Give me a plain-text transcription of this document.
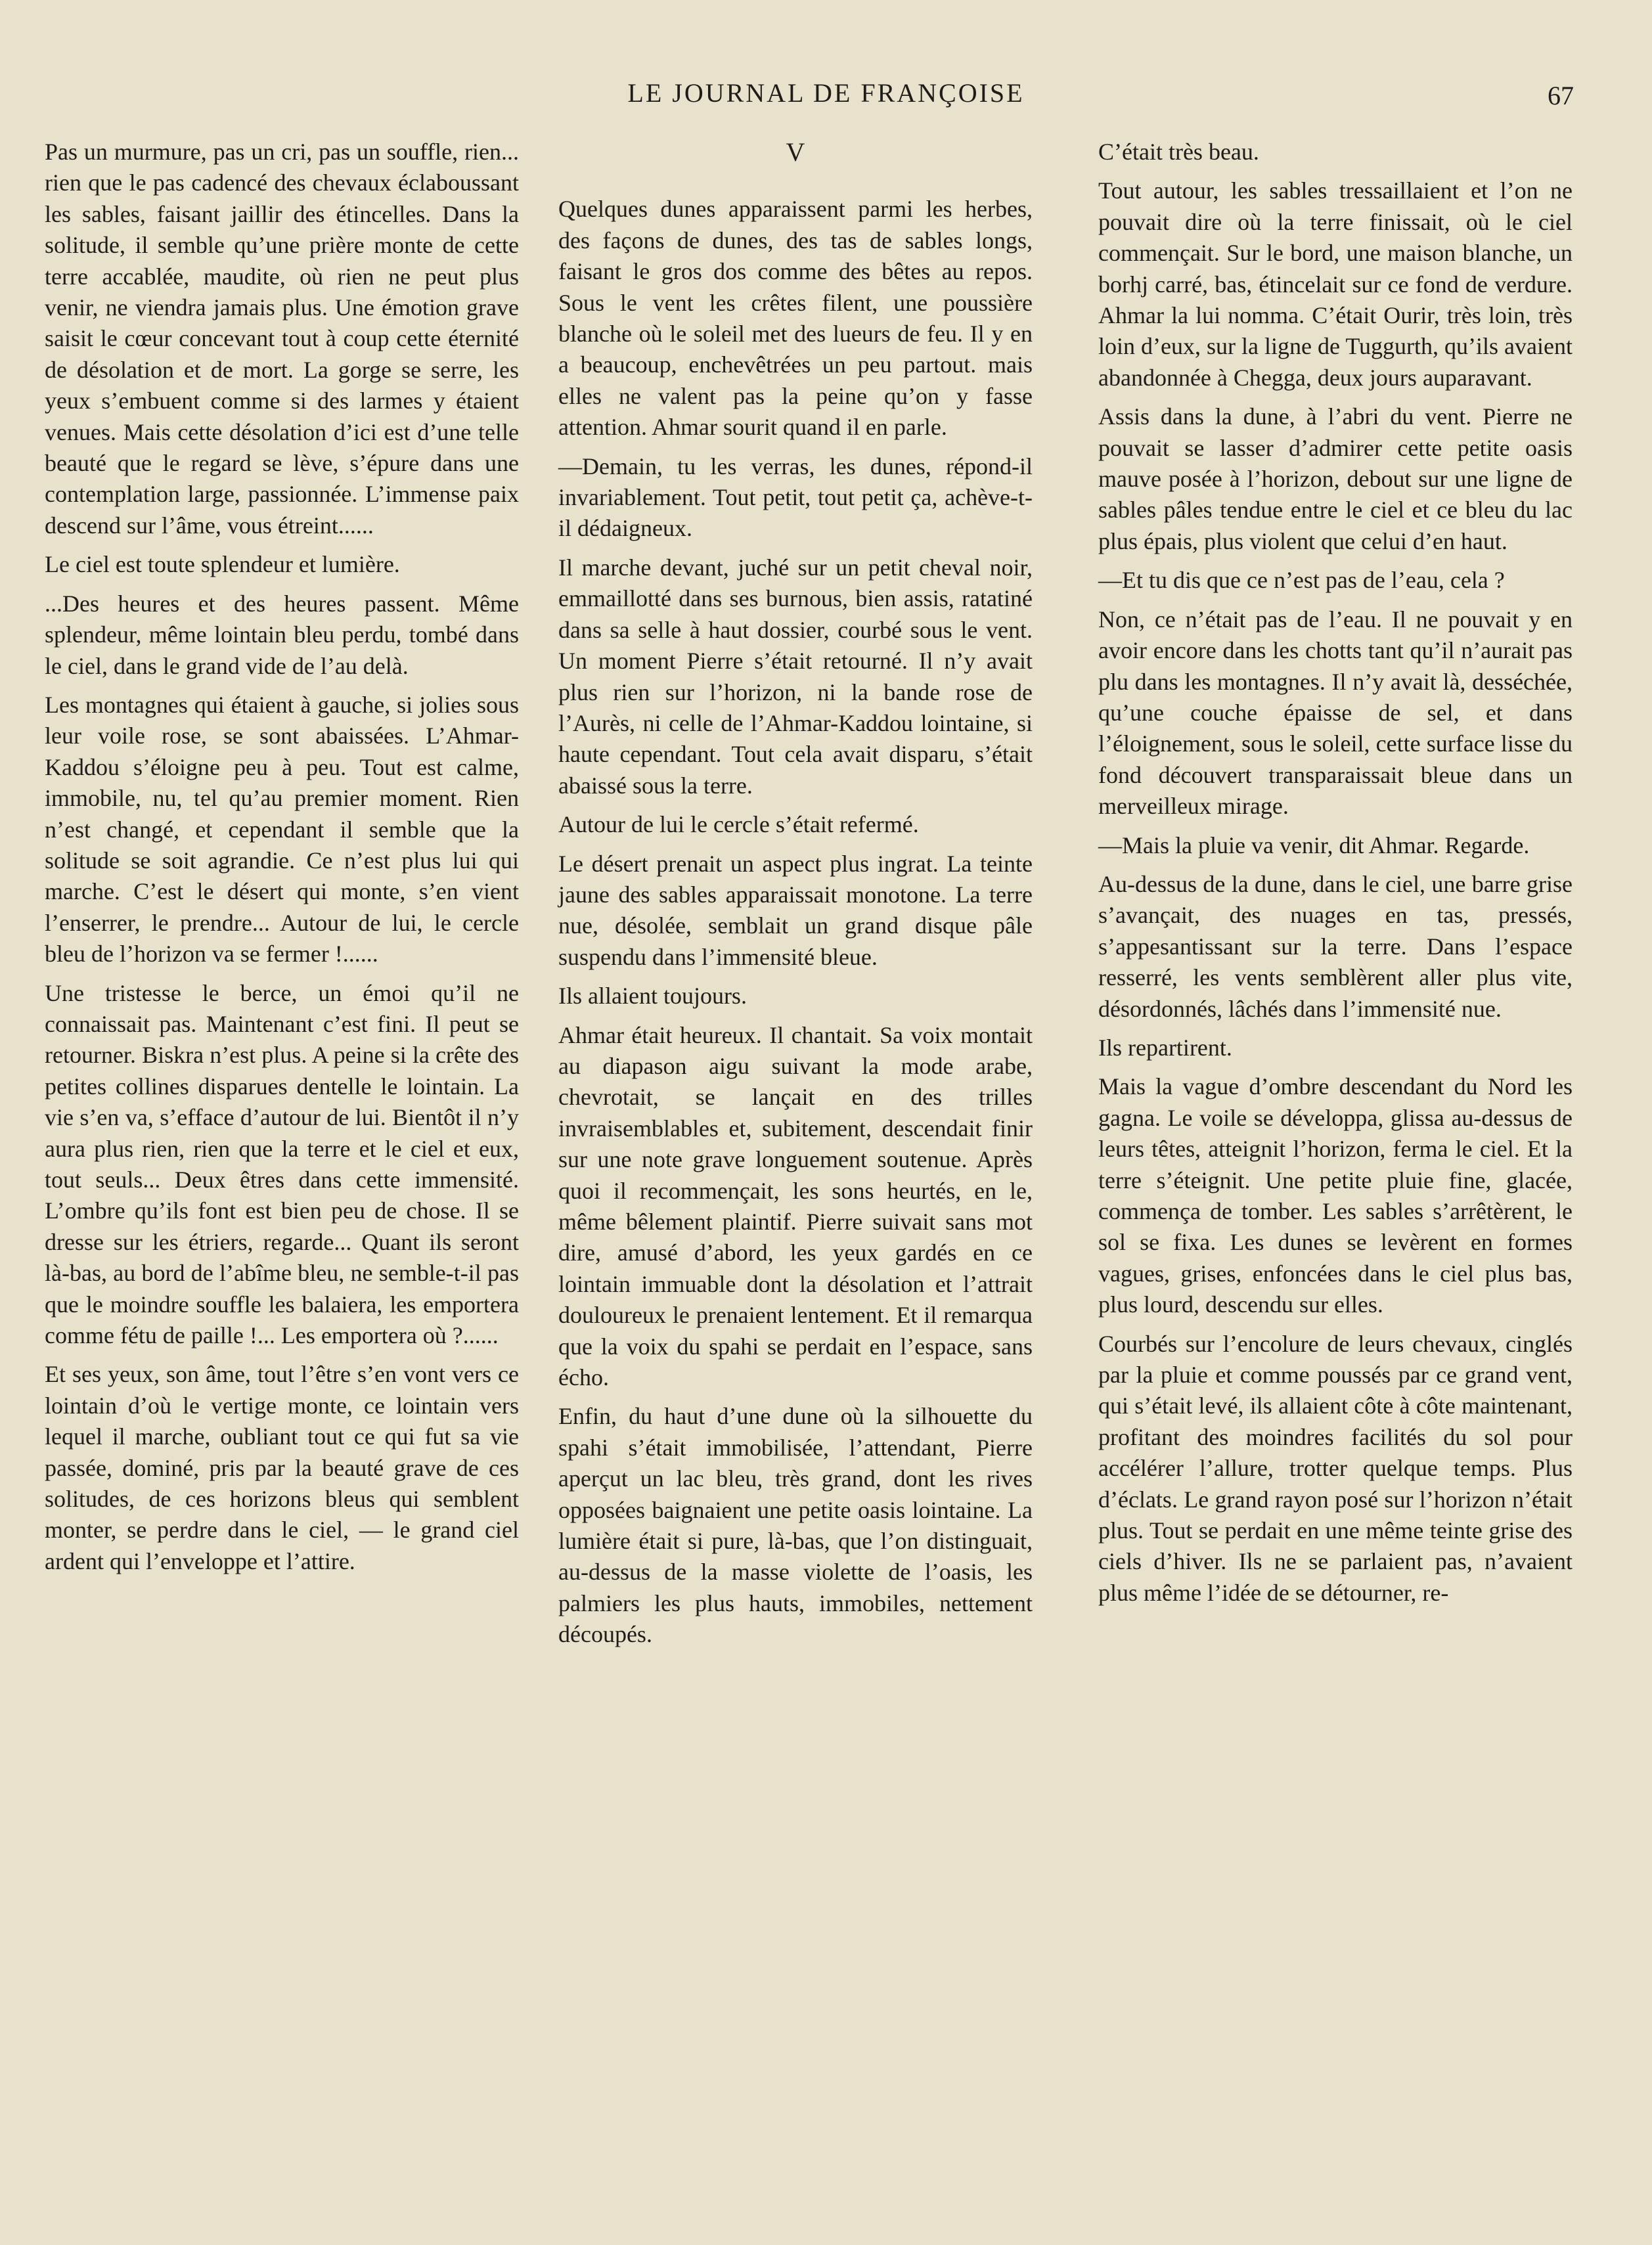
LE JOURNAL DE FRANÇOISE	67

Pas un murmure, pas un cri, pas un souffle, rien... rien que le pas cadencé des chevaux éclaboussant les sables, faisant jaillir des étincelles. Dans la solitude, il semble qu’une prière monte de cette terre accablée, maudite, où rien ne peut plus venir, ne viendra jamais plus. Une émotion grave saisit le cœur concevant tout à coup cette éternité de désolation et de mort. La gorge se serre, les yeux s’embuent comme si des larmes y étaient venues. Mais cette désolation d’ici est d’une telle beauté que le regard se lève, s’épure dans une contemplation large, passionnée. L’immense paix descend sur l’âme, vous étreint......

Le ciel est toute splendeur et lumière.

...Des heures et des heures passent. Même splendeur, même lointain bleu perdu, tombé dans le ciel, dans le grand vide de l’au delà.

Les montagnes qui étaient à gauche, si jolies sous leur voile rose, se sont abaissées. L’Ahmar-Kaddou s’éloigne peu à peu. Tout est calme, immobile, nu, tel qu’au premier moment. Rien n’est changé, et cependant il semble que la solitude se soit agrandie. Ce n’est plus lui qui marche. C’est le désert qui monte, s’en vient l’enserrer, le prendre... Autour de lui, le cercle bleu de l’horizon va se fermer !......

Une tristesse le berce, un émoi qu’il ne connaissait pas. Maintenant c’est fini. Il peut se retourner. Biskra n’est plus. A peine si la crête des petites collines disparues dentelle le lointain. La vie s’en va, s’efface d’autour de lui. Bientôt il n’y aura plus rien, rien que la terre et le ciel et eux, tout seuls... Deux êtres dans cette immensité. L’ombre qu’ils font est bien peu de chose. Il se dresse sur les étriers, regarde... Quant ils seront là-bas, au bord de l’abîme bleu, ne semble-t-il pas que le moindre souffle les balaiera, les emportera comme fétu de paille !... Les emportera où ?......

Et ses yeux, son âme, tout l’être s’en vont vers ce lointain d’où le vertige monte, ce lointain vers lequel il marche, oubliant tout ce qui fut sa vie passée, dominé, pris par la beauté grave de ces solitudes, de ces horizons bleus qui semblent monter, se perdre dans le ciel, — le grand ciel ardent qui l’enveloppe et l’attire.

V

Quelques dunes apparaissent parmi les herbes, des façons de dunes, des tas de sables longs, faisant le gros dos comme des bêtes au repos. Sous le vent les crêtes filent, une poussière blanche où le soleil met des lueurs de feu. Il y en a beaucoup, enchevêtrées un peu partout. mais elles ne valent pas la peine qu’on y fasse attention. Ahmar sourit quand il en parle.

—Demain, tu les verras, les dunes, répond-il invariablement. Tout petit, tout petit ça, achève-t-il dédaigneux.

Il marche devant, juché sur un petit cheval noir, emmaillotté dans ses burnous, bien assis, ratatiné dans sa selle à haut dossier, courbé sous le vent. Un moment Pierre s’était retourné. Il n’y avait plus rien sur l’horizon, ni la bande rose de l’Aurès, ni celle de l’Ahmar-Kaddou lointaine, si haute cependant. Tout cela avait disparu, s’était abaissé sous la terre.

Autour de lui le cercle s’était refermé.

Le désert prenait un aspect plus ingrat. La teinte jaune des sables apparaissait monotone. La terre nue, désolée, semblait un grand disque pâle suspendu dans l’immensité bleue.

Ils allaient toujours.

Ahmar était heureux. Il chantait. Sa voix montait au diapason aigu suivant la mode arabe, chevrotait, se lançait en des trilles invraisemblables et, subitement, descendait finir sur une note grave longuement soutenue. Après quoi il recommençait, les sons heurtés, en le, même bêlement plaintif. Pierre suivait sans mot dire, amusé d’abord, les yeux gardés en ce lointain immuable dont la désolation et l’attrait douloureux le prenaient lentement. Et il remarqua que la voix du spahi se perdait en l’espace, sans écho.

Enfin, du haut d’une dune où la silhouette du spahi s’était immobilisée, l’attendant, Pierre aperçut un lac bleu, très grand, dont les rives opposées baignaient une petite oasis lointaine. La lumière était si pure, là-bas, que l’on distinguait, au-dessus de la masse violette de l’oasis, les palmiers les plus hauts, immobiles, nettement découpés.

C’était très beau.

Tout autour, les sables tressaillaient et l’on ne pouvait dire où la terre finissait, où le ciel commençait. Sur le bord, une maison blanche, un borhj carré, bas, étincelait sur ce fond de verdure. Ahmar la lui nomma. C’était Ourir, très loin, très loin d’eux, sur la ligne de Tuggurth, qu’ils avaient abandonnée à Chegga, deux jours auparavant.

Assis dans la dune, à l’abri du vent. Pierre ne pouvait se lasser d’admirer cette petite oasis mauve posée à l’horizon, debout sur une ligne de sables pâles tendue entre le ciel et ce bleu du lac plus épais, plus violent que celui d’en haut.

—Et tu dis que ce n’est pas de l’eau, cela ?

Non, ce n’était pas de l’eau. Il ne pouvait y en avoir encore dans les chotts tant qu’il n’aurait pas plu dans les montagnes. Il n’y avait là, desséchée, qu’une couche épaisse de sel, et dans l’éloignement, sous le soleil, cette surface lisse du fond découvert transparaissait bleue dans un merveilleux mirage.

—Mais la pluie va venir, dit Ahmar. Regarde.

Au-dessus de la dune, dans le ciel, une barre grise s’avançait, des nuages en tas, pressés, s’appesantissant sur la terre. Dans l’espace resserré, les vents semblèrent aller plus vite, désordonnés, lâchés dans l’immensité nue.

Ils repartirent.

Mais la vague d’ombre descendant du Nord les gagna. Le voile se développa, glissa au-dessus de leurs têtes, atteignit l’horizon, ferma le ciel. Et la terre s’éteignit. Une petite pluie fine, glacée, commença de tomber. Les sables s’arrêtèrent, le sol se fixa. Les dunes se levèrent en formes vagues, grises, enfoncées dans le ciel plus bas, plus lourd, descendu sur elles.

Courbés sur l’encolure de leurs chevaux, cinglés par la pluie et comme poussés par ce grand vent, qui s’était levé, ils allaient côte à côte maintenant, profitant des moindres facilités du sol pour accélérer l’allure, trotter quelque temps. Plus d’éclats. Le grand rayon posé sur l’horizon n’était plus. Tout se perdait en une même teinte grise des ciels d’hiver. Ils ne se parlaient pas, n’avaient plus même l’idée de se détourner, re-
